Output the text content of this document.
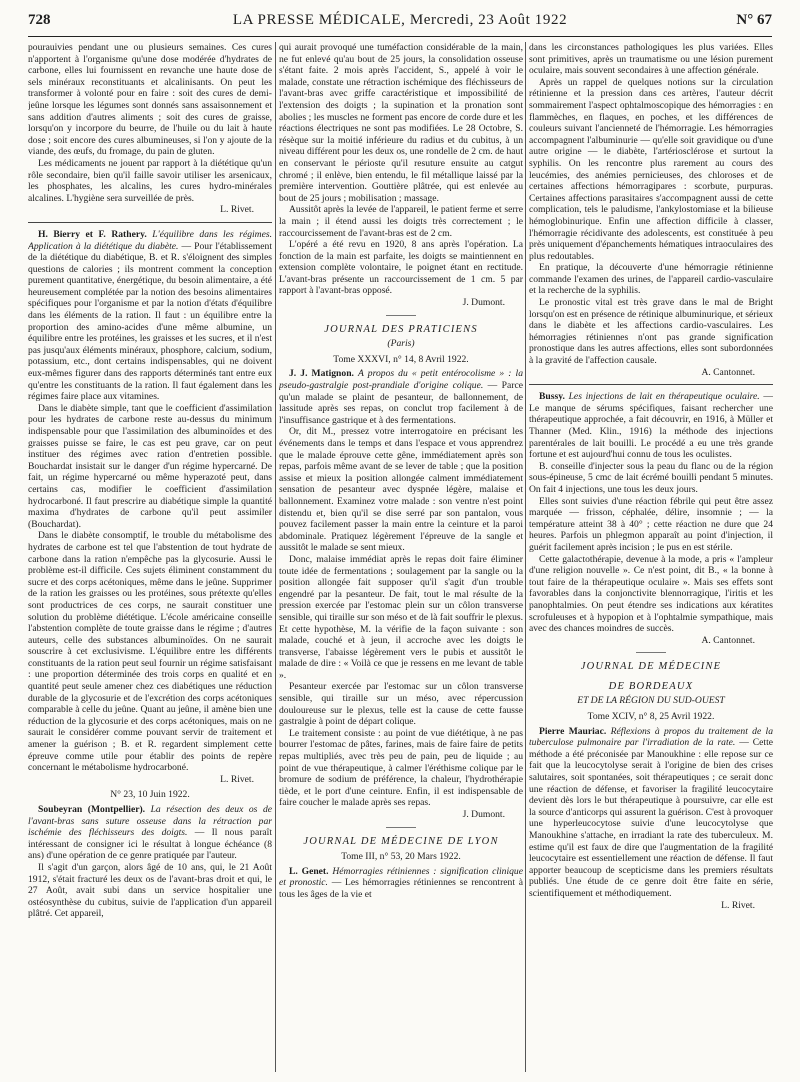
728	LA PRESSE MÉDICALE, Mercredi, 23 Août 1922	N° 67

pourauivies pendant une ou plusieurs semaines. Ces cures n'apportent à l'organisme qu'une dose modérée d'hydrates de carbone, elles lui fournissent en revanche une haute dose de sels minéraux reconstituants et alcalinisants. On peut les transformer à volonté pour en faire : soit des cures de demi-jeûne lorsque les légumes sont donnés sans assaisonnement et sans addition d'autres aliments ; soit des cures de graisse, lorsqu'on y incorpore du beurre, de l'huile ou du lait à haute dose ; soit encore des cures albumineuses, si l'on y ajoute de la viande, des œufs, du fromage, du pain de gluten.

Les médicaments ne jouent par rapport à la diététique qu'un rôle secondaire, bien qu'il faille savoir utiliser les arsenicaux, les phosphates, les alcalins, les cures hydro-minérales alcalines. L'hygiène sera surveillée de près.

L. Rivet.

H. Bierry et F. Rathery. L'équilibre dans les régimes. Application à la diététique du diabète. — Pour l'établissement de la diététique du diabétique, B. et R. s'éloignent des simples questions de calories ; ils montrent comment la conception purement quantitative, énergétique, du besoin alimentaire, a été heureusement complétée par la notion des besoins alimentaires spécifiques pour l'organisme et par la notion d'états d'équilibre dans les éléments de la ration. Il faut : un équilibre entre la proportion des amino-acides d'une même albumine, un équilibre entre les protéines, les graisses et les sucres, et il n'est pas jusqu'aux éléments minéraux, phosphore, calcium, sodium, potassium, etc., dont certains indispensables, qui ne doivent eux-mêmes figurer dans des rapports déterminés tant entre eux qu'entre les constituants de la ration. Il faut également dans les régimes faire place aux vitamines.

Dans le diabète simple, tant que le coefficient d'assimilation pour les hydrates de carbone reste au-dessus du minimum indispensable pour que l'assimilation des albuminoïdes et des graisses puisse se faire, le cas est peu grave, car on peut instituer des régimes avec ration d'entretien possible. Bouchardat insistait sur le danger d'un régime hypercarné. De fait, un régime hypercarné ou même hyperazoté peut, dans certains cas, modifier le coefficient d'assimilation hydrocarboné. Il faut prescrire au diabétique simple la quantité maxima d'hydrates de carbone qu'il peut assimiler (Bouchardat).

Dans le diabète consomptif, le trouble du métabolisme des hydrates de carbone est tel que l'abstention de tout hydrate de carbone dans la ration n'empêche pas la glycosurie. Aussi le problème est-il difficile. Ces sujets éliminent constamment du sucre et des corps acétoniques, même dans le jeûne. Supprimer de la ration les graisses ou les protéines, sous prétexte qu'elles sont productrices de ces corps, ne saurait constituer une solution du problème diététique. L'école américaine conseille l'abstention complète de toute graisse dans le régime ; d'autres auteurs, celle des substances albuminoïdes. On ne saurait souscrire à cet exclusivisme. L'équilibre entre les différents constituants de la ration peut seul fournir un régime satisfaisant : une proportion déterminée des trois corps en qualité et en quantité peut seule amener chez ces diabétiques une réduction durable de la glycosurie et de l'excrétion des corps acétoniques comparable à celle du jeûne. Quant au jeûne, il amène bien une réduction de la glycosurie et des corps acétoniques, mais on ne saurait le considérer comme pouvant servir de traitement et amener la guérison ; B. et R. regardent simplement cette épreuve comme utile pour établir des points de repère concernant le métabolisme hydrocarboné.

L. Rivet.

N° 23, 10 Juin 1922.

Soubeyran (Montpellier). La résection des deux os de l'avant-bras sans suture osseuse dans la rétraction par ischémie des fléchisseurs des doigts. — Il nous paraît intéressant de consigner ici le résultat à longue échéance (8 ans) d'une opération de ce genre pratiquée par l'auteur.

Il s'agit d'un garçon, alors âgé de 10 ans, qui, le 21 Août 1912, s'était fracturé les deux os de l'avant-bras droit et qui, le 27 Août, avait subi dans un service hospitalier une ostéosynthèse du cubitus, suivie de l'application d'un appareil plâtré. Cet appareil,

qui aurait provoqué une tuméfaction considérable de la main, ne fut enlevé qu'au bout de 25 jours, la consolidation osseuse s'étant faite. 2 mois après l'accident, S., appelé à voir le malade, constate une rétraction ischémique des fléchisseurs de l'avant-bras avec griffe caractéristique et impossibilité de l'extension des doigts ; la supination et la pronation sont abolies ; les muscles ne forment pas encore de corde dure et les réactions électriques ne sont pas modifiées. Le 28 Octobre, S. résèque sur la moitié inférieure du radius et du cubitus, à un niveau différent pour les deux os, une rondelle de 2 cm. de haut en conservant le périoste qu'il resuture ensuite au catgut chromé ; il enlève, bien entendu, le fil métallique laissé par la première intervention. Gouttière plâtrée, qui est enlevée au bout de 25 jours ; mobilisation ; massage.

Aussitôt après la levée de l'appareil, le patient ferme et serre la main ; il étend aussi les doigts très correctement ; le raccourcissement de l'avant-bras est de 2 cm.

L'opéré a été revu en 1920, 8 ans après l'opération. La fonction de la main est parfaite, les doigts se maintiennent en extension complète volontaire, le poignet étant en rectitude. L'avant-bras présente un raccourcissement de 1 cm. 5 par rapport à l'avant-bras opposé.

J. Dumont.

JOURNAL DES PRATICIENS

(Paris)

Tome XXXVI, n° 14, 8 Avril 1922.

J. J. Matignon. A propos du « petit entérocolisme » : la pseudo-gastralgie post-prandiale d'origine colique. — Parce qu'un malade se plaint de pesanteur, de ballonnement, de lassitude après ses repas, on conclut trop facilement à de l'insuffisance gastrique et à des fermentations.

Or, dit M., pressez votre interrogatoire en précisant les événements dans le temps et dans l'espace et vous apprendrez que le malade éprouve cette gêne, immédiatement après son repas, parfois même avant de se lever de table ; que la position assise et mieux la position allongée calment immédiatement sensation de pesanteur avec dyspnée légère, malaise et ballonnement. Examinez votre malade : son ventre n'est point distendu et, bien qu'il se dise serré par son pantalon, vous pouvez facilement passer la main entre la ceinture et la paroi abdominale. Pratiquez légèrement l'épreuve de la sangle et aussitôt le malade se sent mieux.

Donc, malaise immédiat après le repas doit faire éliminer toute idée de fermentations ; soulagement par la sangle ou la position allongée fait supposer qu'il s'agit d'un trouble engendré par la pesanteur. De fait, tout le mal résulte de la pression exercée par l'estomac plein sur un côlon transverse sensible, qui tiraille sur son méso et de là fait souffrir le plexus. Et cette hypothèse, M. la vérifie de la façon suivante : son malade, couché et à jeun, il accroche avec les doigts le transverse, l'abaisse légèrement vers le pubis et aussitôt le malade de dire : « Voilà ce que je ressens en me levant de table ».

Pesanteur exercée par l'estomac sur un côlon transverse sensible, qui tiraille sur un méso, avec répercussion douloureuse sur le plexus, telle est la cause de cette fausse gastralgie à point de départ colique.

Le traitement consiste : au point de vue diététique, à ne pas bourrer l'estomac de pâtes, farines, mais de faire faire de petits repas multipliés, avec très peu de pain, peu de liquide ; au point de vue thérapeutique, à calmer l'éréthisme colique par le bromure de sodium de préférence, la chaleur, l'hydrothérapie tiède, et le port d'une ceinture. Enfin, il est indispensable de faire coucher le malade après ses repas.

J. Dumont.

JOURNAL DE MÉDECINE DE LYON

Tome III, n° 53, 20 Mars 1922.

L. Genet. Hémorragies rétiniennes : signification clinique et pronostic. — Les hémorragies rétiniennes se rencontrent à tous les âges de la vie et

dans les circonstances pathologiques les plus variées. Elles sont primitives, après un traumatisme ou une lésion purement oculaire, mais souvent secondaires à une affection générale.

Après un rappel de quelques notions sur la circulation rétinienne et la pression dans ces artères, l'auteur décrit sommairement l'aspect ophtalmoscopique des hémorragies : en flammèches, en flaques, en poches, et les différences de couleurs suivant l'ancienneté de l'hémorragie. Les hémorragies accompagnent l'albuminurie — qu'elle soit gravidique ou d'une autre origine — le diabète, l'artériosclérose et surtout la syphilis. On les rencontre plus rarement au cours des leucémies, des anémies pernicieuses, des chloroses et de certaines affections hémorragipares : scorbute, purpuras. Certaines affections parasitaires s'accompagnent aussi de cette complication, tels le paludisme, l'ankylostomiase et la bilieuse hémoglobinurique. Enfin une affection difficile à classer, l'hémorragie récidivante des adolescents, est constituée à peu près uniquement d'épanchements hématiques intraoculaires des plus redoutables.

En pratique, la découverte d'une hémorragie rétinienne commande l'examen des urines, de l'appareil cardio-vasculaire et la recherche de la syphilis.

Le pronostic vital est très grave dans le mal de Bright lorsqu'on est en présence de rétinique albuminurique, et sérieux dans le diabète et les affections cardio-vasculaires. Les hémorragies rétiniennes n'ont pas grande signification pronostique dans les autres affections, elles sont subordonnées à la gravité de l'affection causale.

A. Cantonnet.

Bussy. Les injections de lait en thérapeutique oculaire. — Le manque de sérums spécifiques, faisant rechercher une thérapeutique approchée, a fait découvrir, en 1916, à Müller et Thanner (Med. Klin., 1916) la méthode des injections parentérales de lait bouilli. Le procédé a eu une très grande fortune et est aujourd'hui connu de tous les oculistes.

B. conseille d'injecter sous la peau du flanc ou de la région sous-épineuse, 5 cmc de lait écrémé bouilli pendant 5 minutes. On fait 4 injections, une tous les deux jours.

Elles sont suivies d'une réaction fébrile qui peut être assez marquée — frisson, céphalée, délire, insomnie ; — la température atteint 38 à 40° ; cette réaction ne dure que 24 heures. Parfois un phlegmon apparaît au point d'injection, il guérit facilement après incision ; le pus en est stérile.

Cette galactothérapie, devenue à la mode, a pris « l'ampleur d'une religion nouvelle ». Ce n'est point, dit B., « la bonne à tout faire de la thérapeutique oculaire ». Mais ses effets sont favorables dans la conjonctivite blennorragique, l'iritis et les panophtalmies. On peut étendre ses indications aux kératites scrofuleuses et à hypopion et à l'ophtalmie sympathique, mais avec des chances moindres de succès.

A. Cantonnet.

JOURNAL DE MÉDECINE

DE BORDEAUX

ET DE LA RÉGION DU SUD-OUEST

Tome XCIV, n° 8, 25 Avril 1922.

Pierre Mauriac. Réflexions à propos du traitement de la tuberculose pulmonaire par l'irradiation de la rate. — Cette méthode a été préconisée par Manoukhine : elle repose sur ce fait que la leucocytolyse serait à l'origine de bien des crises salutaires, soit spontanées, soit thérapeutiques ; ce serait donc une réaction de défense, et favoriser la fragilité leucocytaire devient dès lors le but thérapeutique à poursuivre, car elle est la source d'anticorps qui assurent la guérison. C'est à provoquer une hyperleucocytose suivie d'une leucocytolyse que Manoukhine s'attache, en irradiant la rate des tuberculeux. M. estime qu'il est faux de dire que l'augmentation de la fragilité leucocytaire est essentiellement une réaction de défense. Il faut apporter beaucoup de scepticisme dans les premiers résultats publiés. Une étude de ce genre doit être faite en série, scientifiquement et méthodiquement.

L. Rivet.
